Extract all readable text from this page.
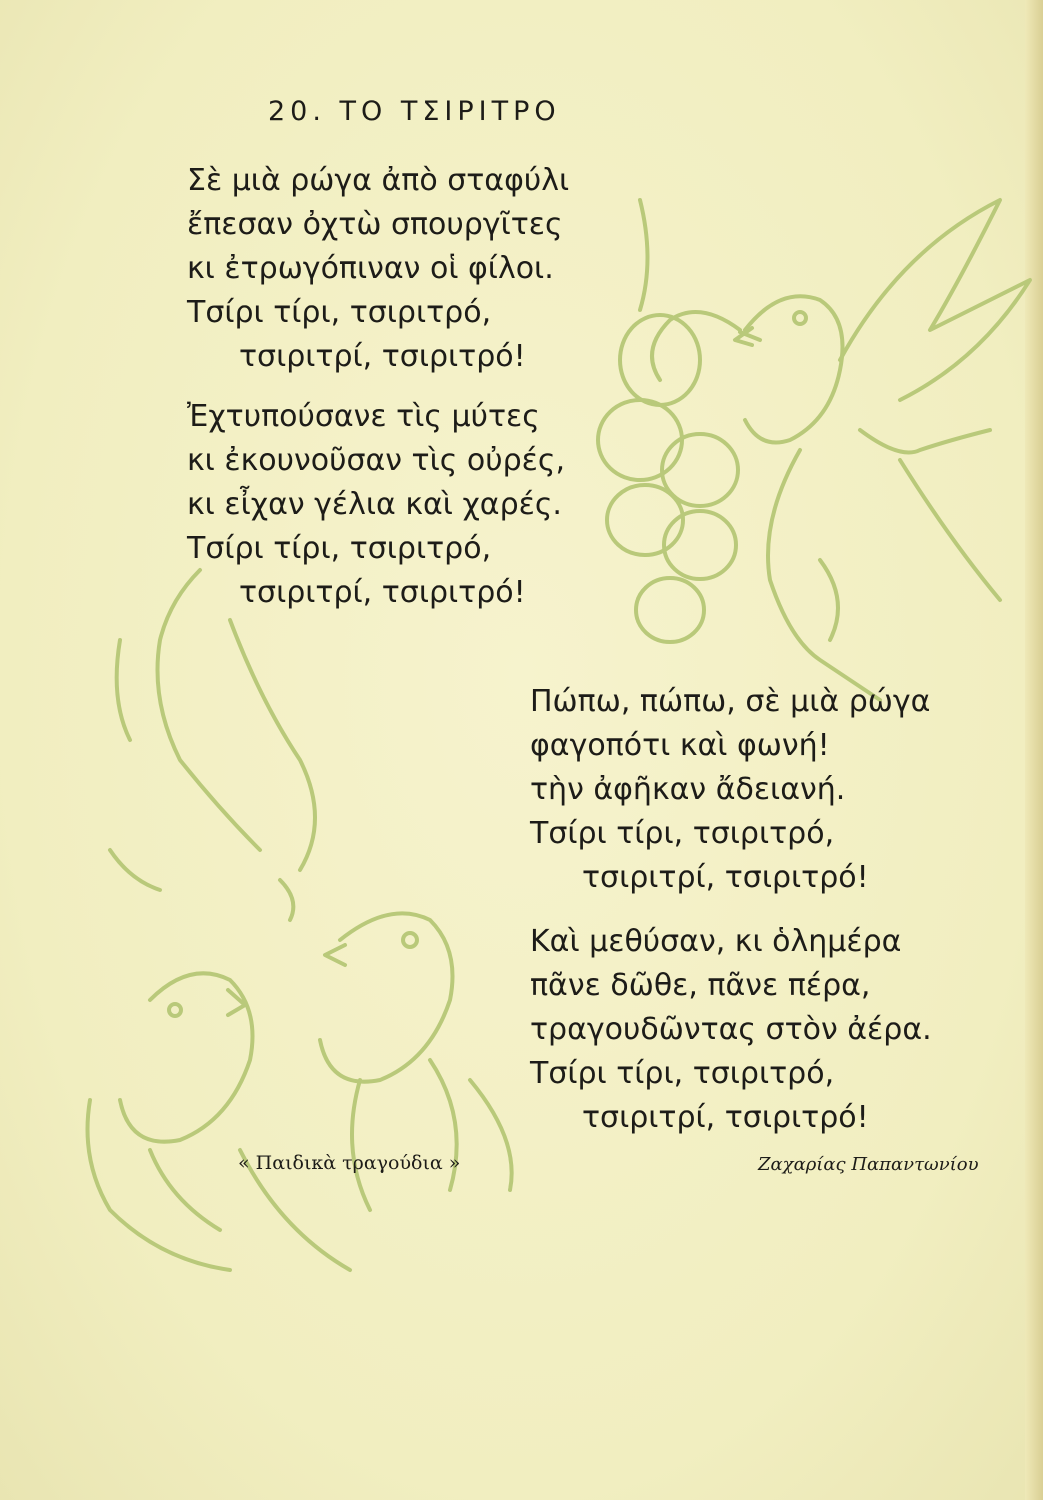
20. ΤΟ ΤΣΙΡΙΤΡΟ
Σὲ μιὰ ρώγα ἀπὸ σταφύλι
ἔπεσαν ὀχτὼ σπουργῖτες
κι ἐτρωγόπιναν οἱ φίλοι.
Τσίρι τίρι, τσιριτρό,
τσιριτρί, τσιριτρό!
Ἐχτυπούσανε τὶς μύτες
κι ἐκουνοῦσαν τὶς οὐρές,
κι εἶχαν γέλια καὶ χαρές.
Τσίρι τίρι, τσιριτρό,
τσιριτρί, τσιριτρό!
Πώπω, πώπω, σὲ μιὰ ρώγα
φαγοπότι καὶ φωνή!
τὴν ἀφῆκαν ἄδειανή.
Τσίρι τίρι, τσιριτρό,
τσιριτρί, τσιριτρό!
Καὶ μεθύσαν, κι ὁλημέρα
πᾶνε δῶθε, πᾶνε πέρα,
τραγουδῶντας στὸν ἀέρα.
Τσίρι τίρι, τσιριτρό,
τσιριτρί, τσιριτρό!
« Παιδικὰ τραγούδια »	Ζαχαρίας Παπαντωνίου
